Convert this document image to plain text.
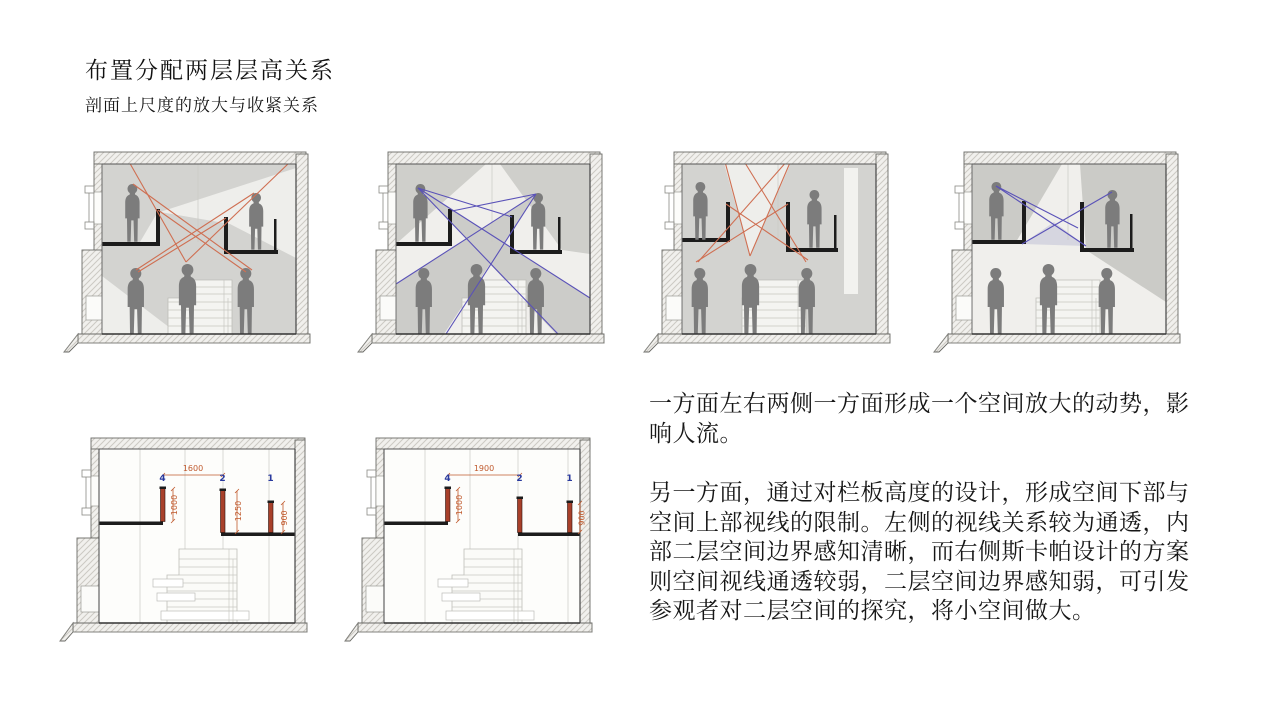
布置分配两层层高关系
剖面上尺度的放大与收紧关系
1600
1000	1250	900
4	2	1
1900
1000
900
4	2	1

一方面左右两侧一方面形成一个空间放大的动势，影响人流。

另一方面，通过对栏板高度的设计，形成空间下部与空间上部视线的限制。左侧的视线关系较为通透，内部二层空间边界感知清晰，而右侧斯卡帕设计的方案则空间视线通透较弱，二层空间边界感知弱，可引发参观者对二层空间的探究，将小空间做大。
